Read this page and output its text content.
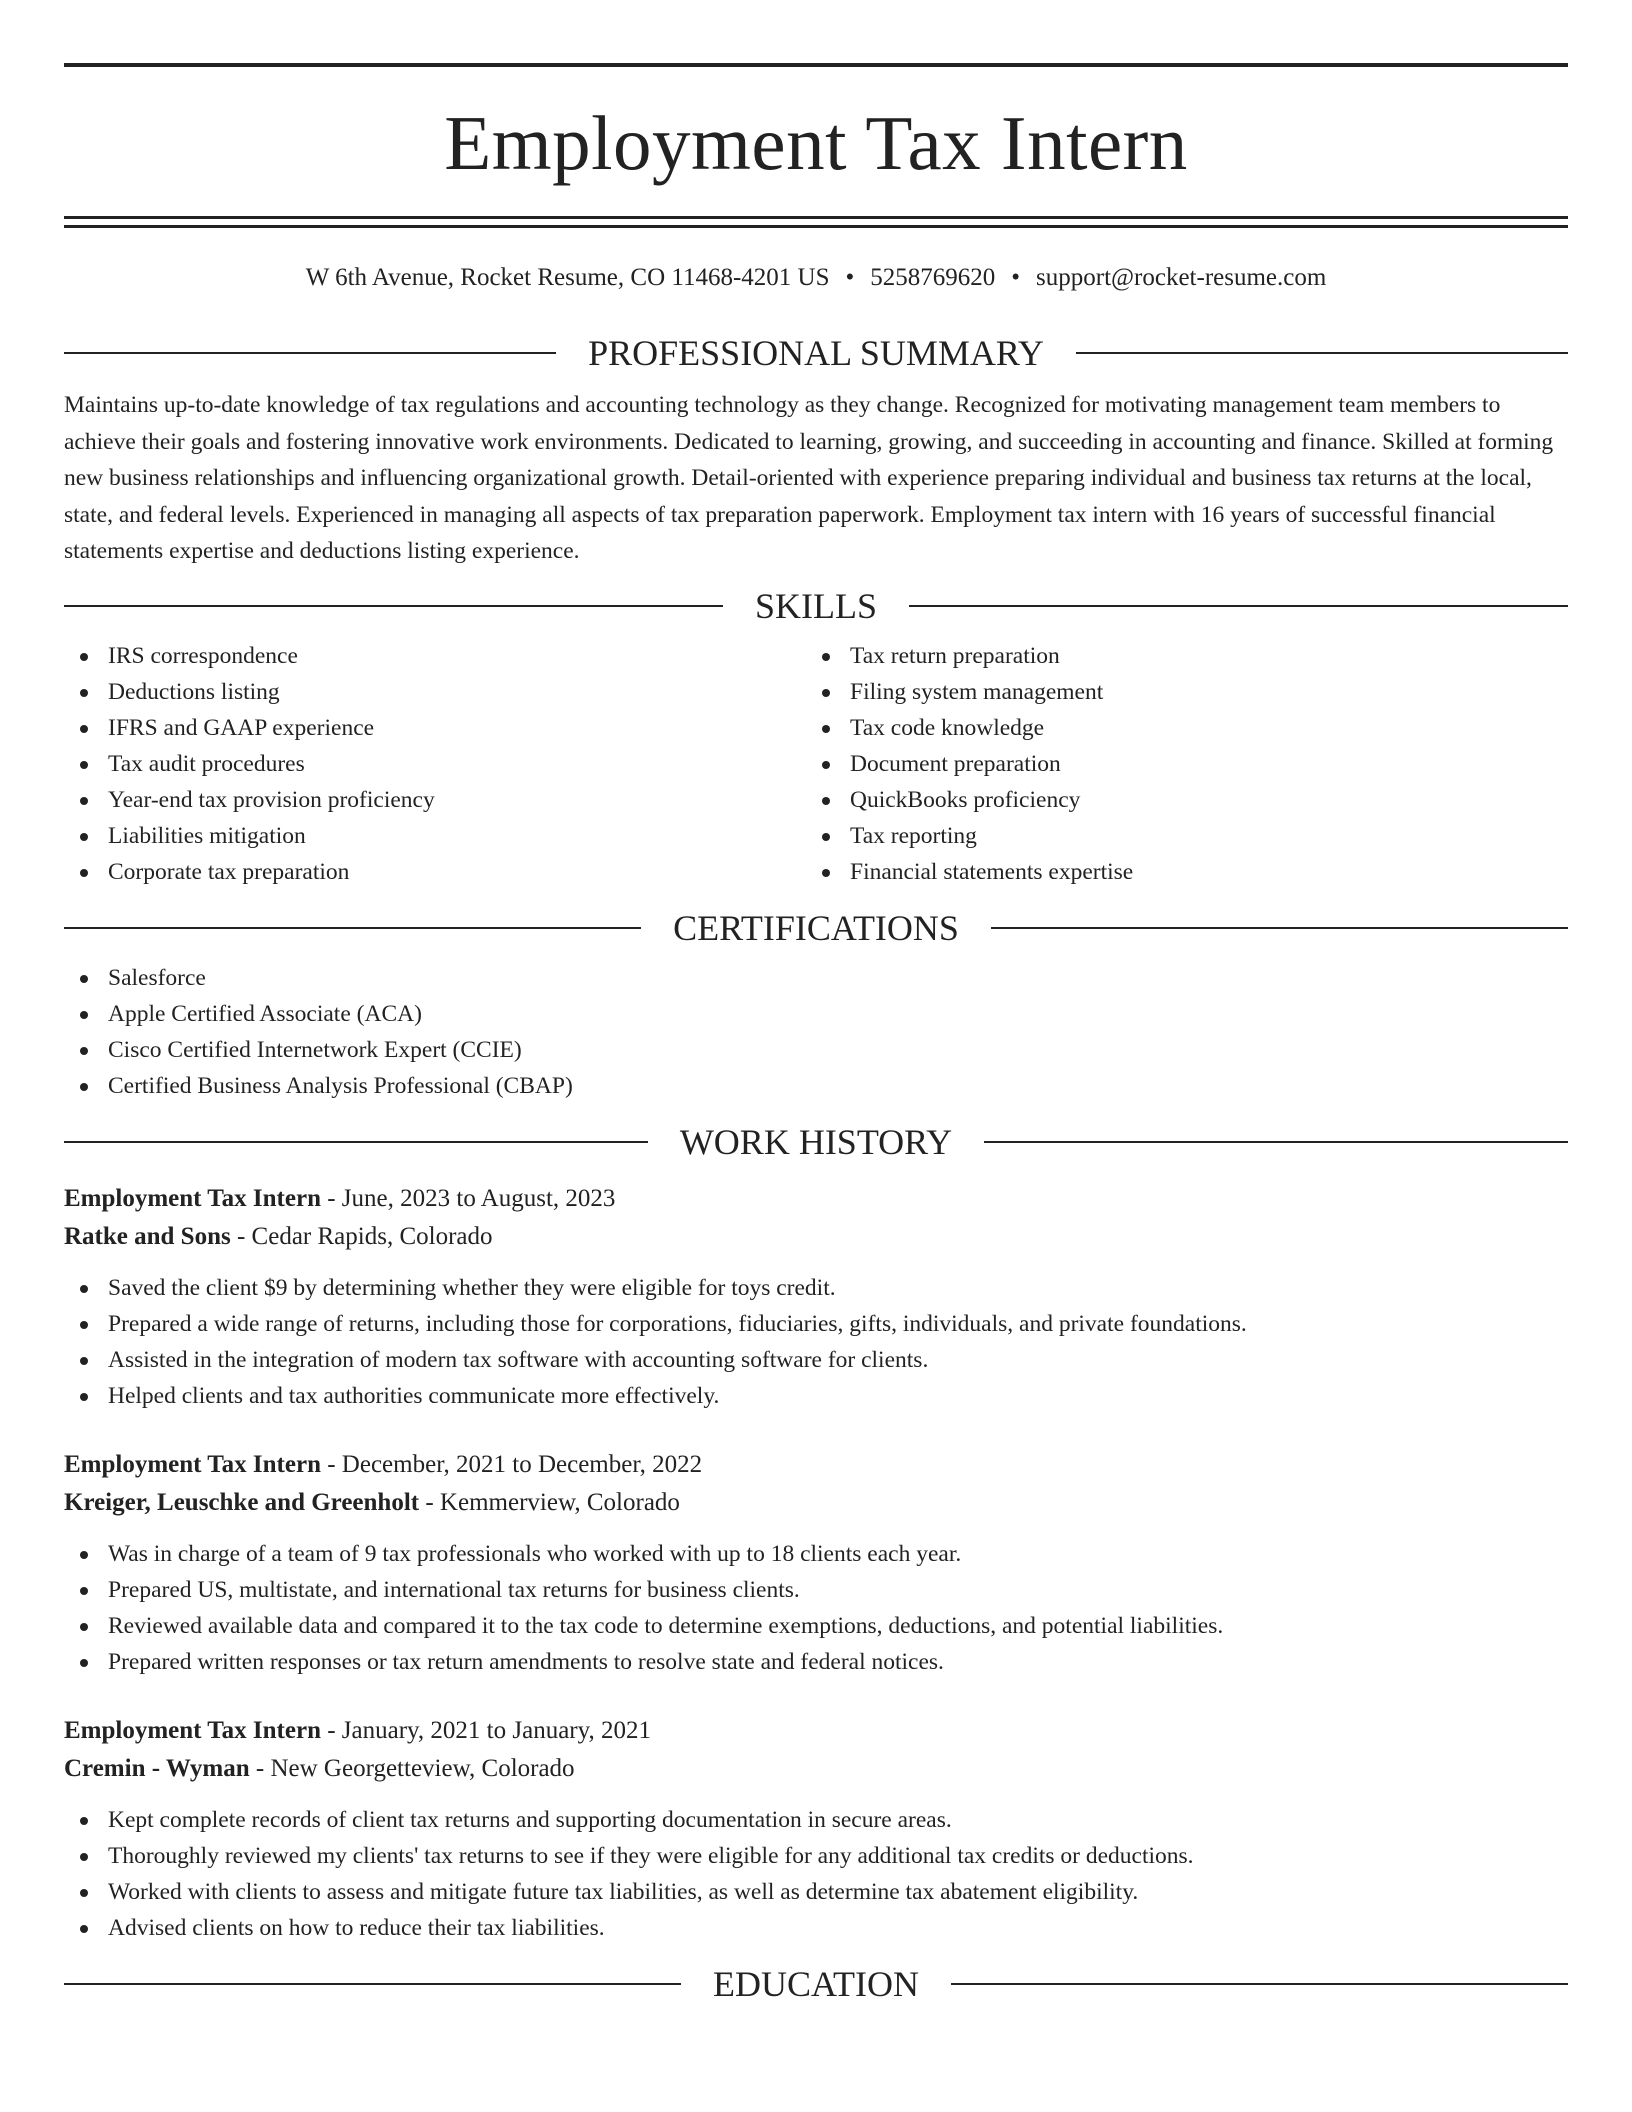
Employment Tax Intern
W 6th Avenue, Rocket Resume, CO 11468-4201 US • 5258769620 • support@rocket-resume.com
PROFESSIONAL SUMMARY

Maintains up-to-date knowledge of tax regulations and accounting technology as they change. Recognized for motivating management team members to achieve their goals and fostering innovative work environments. Dedicated to learning, growing, and succeeding in accounting and finance. Skilled at forming new business relationships and influencing organizational growth. Detail-oriented with experience preparing individual and business tax returns at the local, state, and federal levels. Experienced in managing all aspects of tax preparation paperwork. Employment tax intern with 16 years of successful financial statements expertise and deductions listing experience.

SKILLS
IRS correspondence
Deductions listing
IFRS and GAAP experience
Tax audit procedures
Year-end tax provision proficiency
Liabilities mitigation
Corporate tax preparation
Tax return preparation
Filing system management
Tax code knowledge
Document preparation
QuickBooks proficiency
Tax reporting
Financial statements expertise
CERTIFICATIONS
Salesforce
Apple Certified Associate (ACA)
Cisco Certified Internetwork Expert (CCIE)
Certified Business Analysis Professional (CBAP)
WORK HISTORY
Employment Tax Intern - June, 2023 to August, 2023
Ratke and Sons - Cedar Rapids, Colorado
Saved the client $9 by determining whether they were eligible for toys credit.
Prepared a wide range of returns, including those for corporations, fiduciaries, gifts, individuals, and private foundations.
Assisted in the integration of modern tax software with accounting software for clients.
Helped clients and tax authorities communicate more effectively.
Employment Tax Intern - December, 2021 to December, 2022
Kreiger, Leuschke and Greenholt - Kemmerview, Colorado
Was in charge of a team of 9 tax professionals who worked with up to 18 clients each year.
Prepared US, multistate, and international tax returns for business clients.
Reviewed available data and compared it to the tax code to determine exemptions, deductions, and potential liabilities.
Prepared written responses or tax return amendments to resolve state and federal notices.
Employment Tax Intern - January, 2021 to January, 2021
Cremin - Wyman - New Georgetteview, Colorado
Kept complete records of client tax returns and supporting documentation in secure areas.
Thoroughly reviewed my clients' tax returns to see if they were eligible for any additional tax credits or deductions.
Worked with clients to assess and mitigate future tax liabilities, as well as determine tax abatement eligibility.
Advised clients on how to reduce their tax liabilities.
EDUCATION
